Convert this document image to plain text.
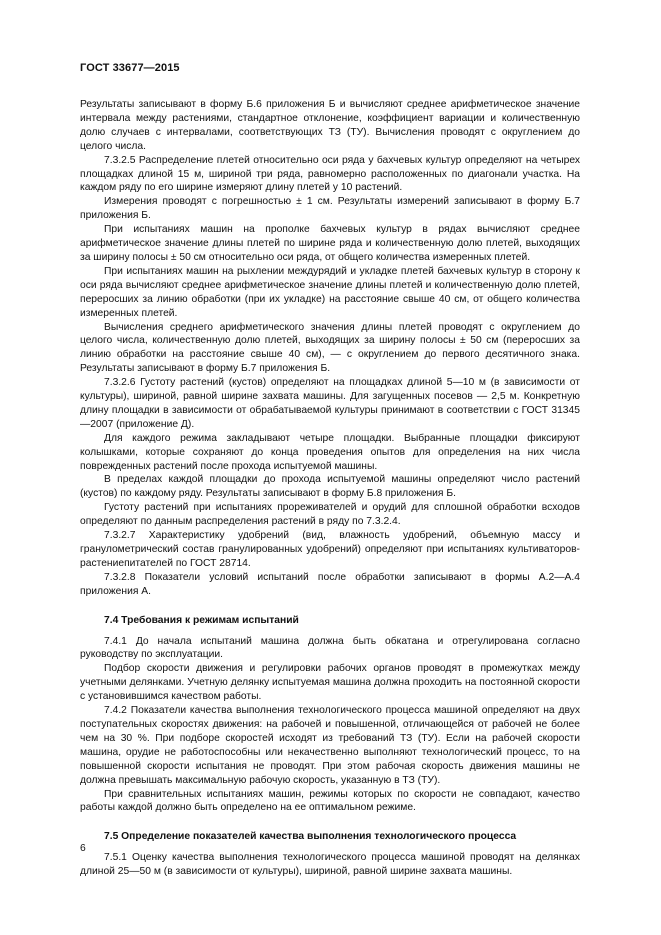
ГОСТ 33677—2015

Результаты записывают в форму Б.6 приложения Б и вычисляют среднее арифметическое значение интервала между растениями, стандартное отклонение, коэффициент вариации и количественную долю случаев с интервалами, соответствующих ТЗ (ТУ). Вычисления проводят с округлением до целого числа.

7.3.2.5 Распределение плетей относительно оси ряда у бахчевых культур определяют на четырех площадках длиной 15 м, шириной три ряда, равномерно расположенных по диагонали участка. На каждом ряду по его ширине измеряют длину плетей у 10 растений.

Измерения проводят с погрешностью ± 1 см. Результаты измерений записывают в форму Б.7 приложения Б.

При испытаниях машин на прополке бахчевых культур в рядах вычисляют среднее арифметическое значение длины плетей по ширине ряда и количественную долю плетей, выходящих за ширину полосы ± 50 см относительно оси ряда, от общего количества измеренных плетей.

При испытаниях машин на рыхлении междурядий и укладке плетей бахчевых культур в сторону к оси ряда вычисляют среднее арифметическое значение длины плетей и количественную долю плетей, переросших за линию обработки (при их укладке) на расстояние свыше 40 см, от общего количества измеренных плетей.

Вычисления среднего арифметического значения длины плетей проводят с округлением до целого числа, количественную долю плетей, выходящих за ширину полосы ± 50 см (переросших за линию обработки на расстояние свыше 40 см), — с округлением до первого десятичного знака. Результаты записывают в форму Б.7 приложения Б.

7.3.2.6 Густоту растений (кустов) определяют на площадках длиной 5—10 м (в зависимости от культуры), шириной, равной ширине захвата машины. Для загущенных посевов — 2,5 м. Конкретную длину площадки в зависимости от обрабатываемой культуры принимают в соответствии с ГОСТ 31345—2007 (приложение Д).

Для каждого режима закладывают четыре площадки. Выбранные площадки фиксируют колышками, которые сохраняют до конца проведения опытов для определения на них числа поврежденных растений после прохода испытуемой машины.

В пределах каждой площадки до прохода испытуемой машины определяют число растений (кустов) по каждому ряду. Результаты записывают в форму Б.8 приложения Б.

Густоту растений при испытаниях прореживателей и орудий для сплошной обработки всходов определяют по данным распределения растений в ряду по 7.3.2.4.

7.3.2.7 Характеристику удобрений (вид, влажность удобрений, объемную массу и гранулометрический состав гранулированных удобрений) определяют при испытаниях культиваторов-растениепитателей по ГОСТ 28714.

7.3.2.8 Показатели условий испытаний после обработки записывают в формы А.2—А.4 приложения А.

7.4 Требования к режимам испытаний

7.4.1 До начала испытаний машина должна быть обкатана и отрегулирована согласно руководству по эксплуатации.

Подбор скорости движения и регулировки рабочих органов проводят в промежутках между учетными делянками. Учетную делянку испытуемая машина должна проходить на постоянной скорости с установившимся качеством работы.

7.4.2 Показатели качества выполнения технологического процесса машиной определяют на двух поступательных скоростях движения: на рабочей и повышенной, отличающейся от рабочей не более чем на 30 %. При подборе скоростей исходят из требований ТЗ (ТУ). Если на рабочей скорости машина, орудие не работоспособны или некачественно выполняют технологический процесс, то на повышенной скорости испытания не проводят. При этом рабочая скорость движения машины не должна превышать максимальную рабочую скорость, указанную в ТЗ (ТУ).

При сравнительных испытаниях машин, режимы которых по скорости не совпадают, качество работы каждой должно быть определено на ее оптимальном режиме.

7.5 Определение показателей качества выполнения технологического процесса

7.5.1 Оценку качества выполнения технологического процесса машиной проводят на делянках длиной 25—50 м (в зависимости от культуры), шириной, равной ширине захвата машины.

6
